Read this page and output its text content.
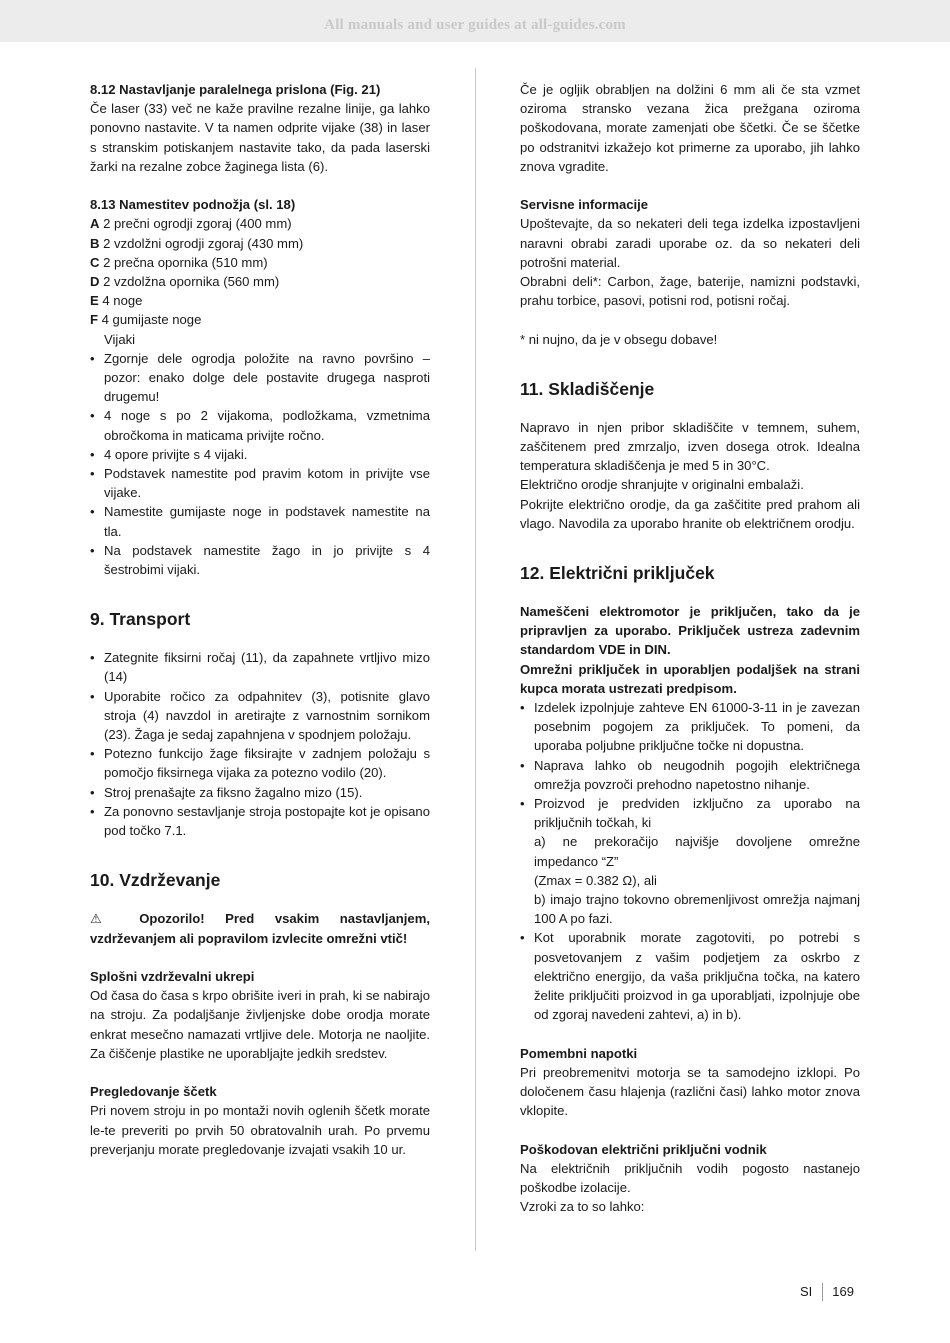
All manuals and user guides at all-guides.com

8.12 Nastavljanje paralelnega prislona (Fig. 21)

Če laser (33) več ne kaže pravilne rezalne linije, ga lahko ponovno nastavite. V ta namen odprite vijake (38) in laser s stranskim potiskanjem nastavite tako, da pada laserski žarki na rezalne zobce žaginega lista (6).

8.13 Namestitev podnožja (sl. 18)

A 2 prečni ogrodji zgoraj (400 mm)

B 2 vzdolžni ogrodji zgoraj (430 mm)

C 2 prečna opornika (510 mm)

D 2 vzdolžna opornika (560 mm)

E 4 noge

F 4 gumijaste noge

Vijaki

• Zgornje dele ogrodja položite na ravno površino – pozor: enako dolge dele postavite drugega nasproti drugemu!
• 4 noge s po 2 vijakoma, podložkama, vzmetnima obročkoma in maticama privijte ročno.
• 4 opore privijte s 4 vijaki.
• Podstavek namestite pod pravim kotom in privijte vse vijake.
• Namestite gumijaste noge in podstavek namestite na tla.
• Na podstavek namestite žago in jo privijte s 4 šestrobimi vijaki.
9. Transport
• Zategnite fiksirni ročaj (11), da zapahnete vrtljivo mizo (14)
• Uporabite ročico za odpahnitev (3), potisnite glavo stroja (4) navzdol in aretirajte z varnostnim sornikom (23). Žaga je sedaj zapahnjena v spodnjem položaju.
• Potezno funkcijo žage fiksirajte v zadnjem položaju s pomočjo fiksirnega vijaka za potezno vodilo (20).
• Stroj prenašajte za fiksno žagalno mizo (15).
• Za ponovno sestavljanje stroja postopajte kot je opisano pod točko 7.1.
10. Vzdrževanje

⚠ Opozorilo! Pred vsakim nastavljanjem, vzdrževanjem ali popravilom izvlecite omrežni vtič!

Splošni vzdrževalni ukrepi

Od časa do časa s krpo obrišite iveri in prah, ki se nabirajo na stroju. Za podaljšanje življenjske dobe orodja morate enkrat mesečno namazati vrtljive dele. Motorja ne naoljite. Za čiščenje plastike ne uporabljajte jedkih sredstev.

Pregledovanje ščetk

Pri novem stroju in po montaži novih oglenih ščetk morate le-te preveriti po prvih 50 obratovalnih urah. Po prvemu preverjanju morate pregledovanje izvajati vsakih 10 ur.

Če je ogljik obrabljen na dolžini 6 mm ali če sta vzmet oziroma stransko vezana žica prežgana oziroma poškodovana, morate zamenjati obe ščetki. Če se ščetke po odstranitvi izkažejo kot primerne za uporabo, jih lahko znova vgradite.

Servisne informacije

Upoštevajte, da so nekateri deli tega izdelka izpostavljeni naravni obrabi zaradi uporabe oz. da so nekateri deli potrošni material.

Obrabni deli*: Carbon, žage, baterije, namizni podstavki, prahu torbice, pasovi, potisni rod, potisni ročaj.

* ni nujno, da je v obsegu dobave!

11. Skladiščenje

Napravo in njen pribor skladiščite v temnem, suhem, zaščitenem pred zmrzaljo, izven dosega otrok. Idealna temperatura skladiščenja je med 5 in 30°C.

Električno orodje shranjujte v originalni embalaži.

Pokrijte električno orodje, da ga zaščitite pred prahom ali vlago. Navodila za uporabo hranite ob električnem orodju.

12. Električni priključek

Nameščeni elektromotor je priključen, tako da je pripravljen za uporabo. Priključek ustreza zadevnim standardom VDE in DIN.

Omrežni priključek in uporabljen podaljšek na strani kupca morata ustrezati predpisom.

• Izdelek izpolnjuje zahteve EN 61000-3-11 in je zavezan posebnim pogojem za priključek. To pomeni, da uporaba poljubne priključne točke ni dopustna.
• Naprava lahko ob neugodnih pogojih električnega omrežja povzroči prehodno napetostno nihanje.
• Proizvod je predviden izključno za uporabo na priključnih točkah, ki
a) ne prekoračijo najvišje dovoljene omrežne impedanco “Z”
(Zmax = 0.382 Ω), ali
b) imajo trajno tokovno obremenljivost omrežja najmanj 100 A po fazi.
• Kot uporabnik morate zagotoviti, po potrebi s posvetovanjem z vašim podjetjem za oskrbo z električno energijo, da vaša priključna točka, na katero želite priključiti proizvod in ga uporabljati, izpolnjuje obe od zgoraj navedeni zahtevi, a) in b).

Pomembni napotki

Pri preobremenitvi motorja se ta samodejno izklopi. Po določenem času hlajenja (različni časi) lahko motor znova vklopite.

Poškodovan električni priključni vodnik

Na električnih priključnih vodih pogosto nastanejo poškodbe izolacije.

Vzroki za to so lahko:

SI 169
